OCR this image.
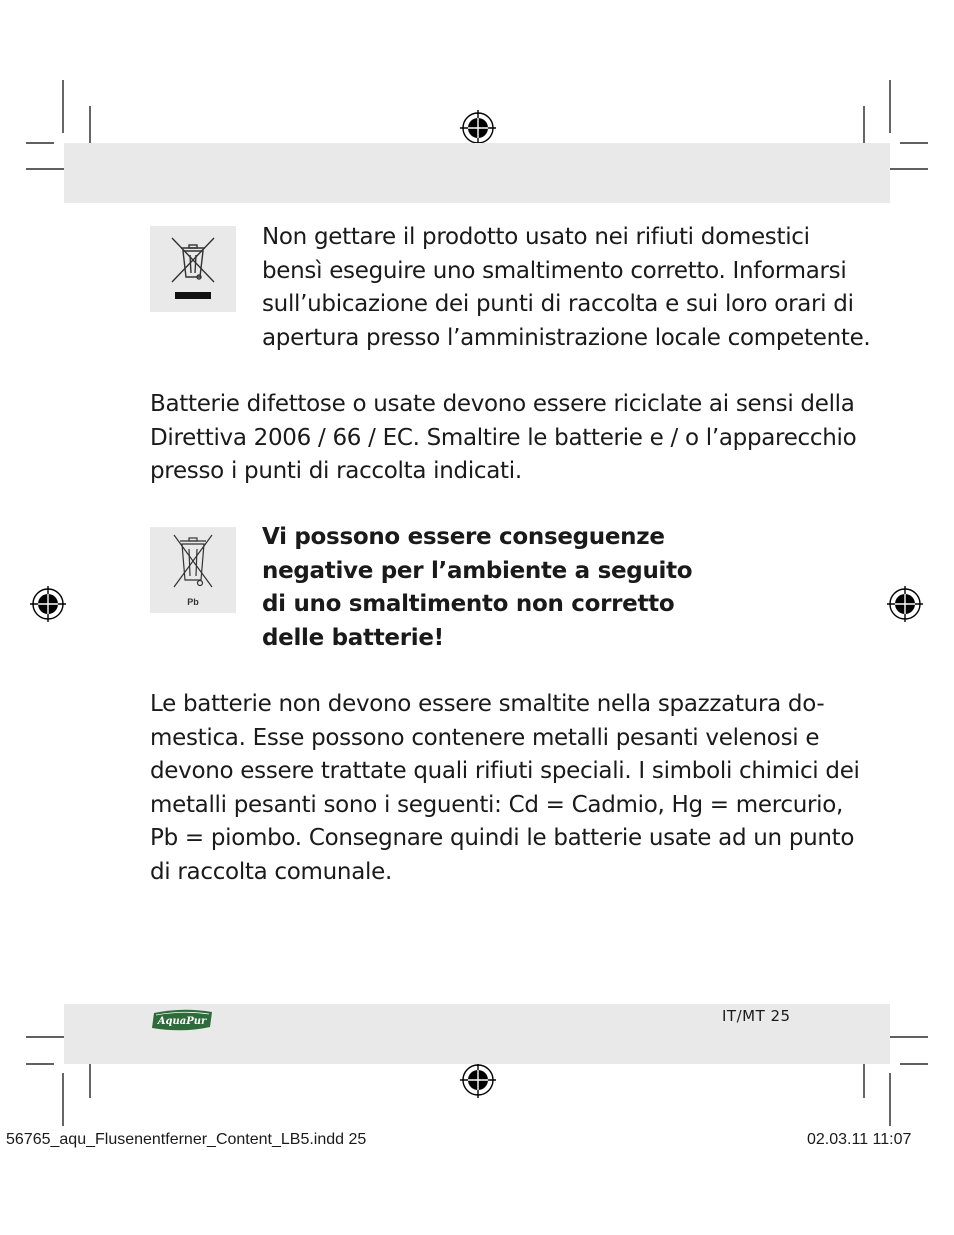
Non gettare il prodotto usato nei rifiuti domestici
bensì eseguire uno smaltimento corretto. Informarsi
sull’ubicazione dei punti di raccolta e sui loro orari di
apertura presso l’amministrazione locale competente.
Batterie difettose o usate devono essere riciclate ai sensi della
Direttiva 2006 / 66 / EC. Smaltire le batterie e / o l’apparecchio
presso i punti di raccolta indicati.
Pb
Vi possono essere conseguenze
negative per l’ambiente a seguito
di uno smaltimento non corretto
delle batterie!
Le batterie non devono essere smaltite nella spazzatura do-
mestica. Esse possono contenere metalli pesanti velenosi e
devono essere trattate quali rifiuti speciali. I simboli chimici dei
metalli pesanti sono i seguenti: Cd = Cadmio, Hg = mercurio,
Pb = piombo. Consegnare quindi le batterie usate ad un punto
di raccolta comunale.
AquaPur	IT/MT 25
56765_aqu_Flusenentferner_Content_LB5.indd 25	02.03.11 11:07
